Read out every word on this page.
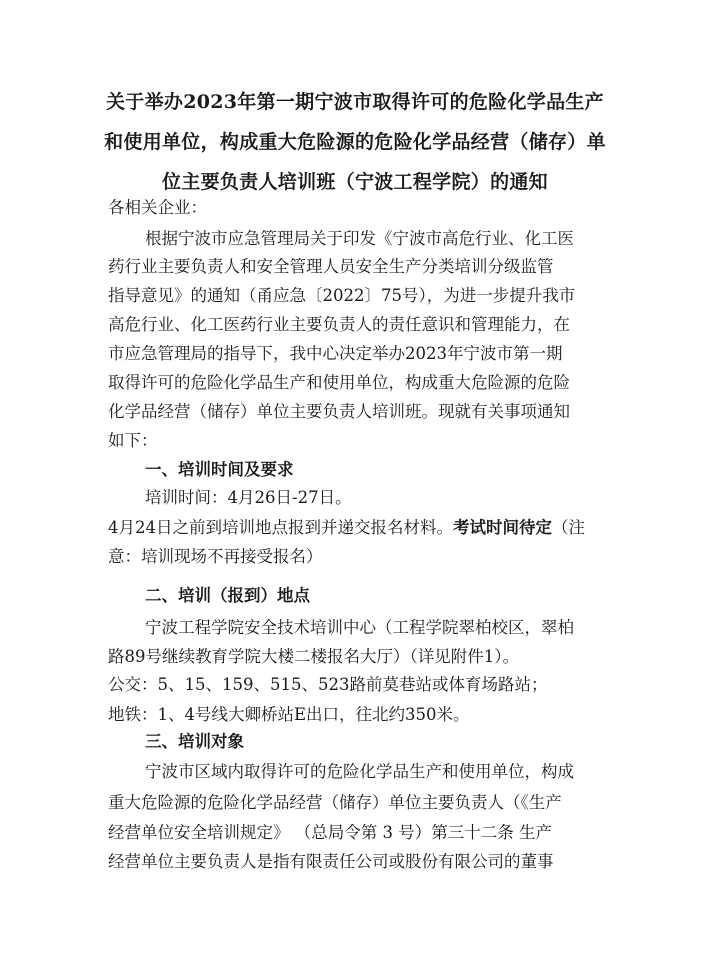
关于举办2023年第一期宁波市取得许可的危险化学品生产和使用单位，构成重大危险源的危险化学品经营（储存）单位主要负责人培训班（宁波工程学院）的通知
各相关企业：
根据宁波市应急管理局关于印发《宁波市高危行业、化工医
药行业主要负责人和安全管理人员安全生产分类培训分级监管
指导意见》的通知（甬应急〔2022〕75号），为进一步提升我市
高危行业、化工医药行业主要负责人的责任意识和管理能力，在
市应急管理局的指导下，我中心决定举办2023年宁波市第一期
取得许可的危险化学品生产和使用单位，构成重大危险源的危险
化学品经营（储存）单位主要负责人培训班。现就有关事项通知
如下：
一、培训时间及要求
培训时间：4月26日-27日。
4月24日之前到培训地点报到并递交报名材料。考试时间待定（注
意：培训现场不再接受报名）
二、培训（报到）地点
宁波工程学院安全技术培训中心（工程学院翠柏校区，翠柏
路89号继续教育学院大楼二楼报名大厅）（详见附件1）。
公交：5、15、159、515、523路前莫巷站或体育场路站；
地铁：1、4号线大卿桥站E出口，往北约350米。
三、培训对象
宁波市区域内取得许可的危险化学品生产和使用单位，构成
重大危险源的危险化学品经营（储存）单位主要负责人（《生产
经营单位安全培训规定》 （总局令第 3 号）第三十二条 生产
经营单位主要负责人是指有限责任公司或股份有限公司的董事
